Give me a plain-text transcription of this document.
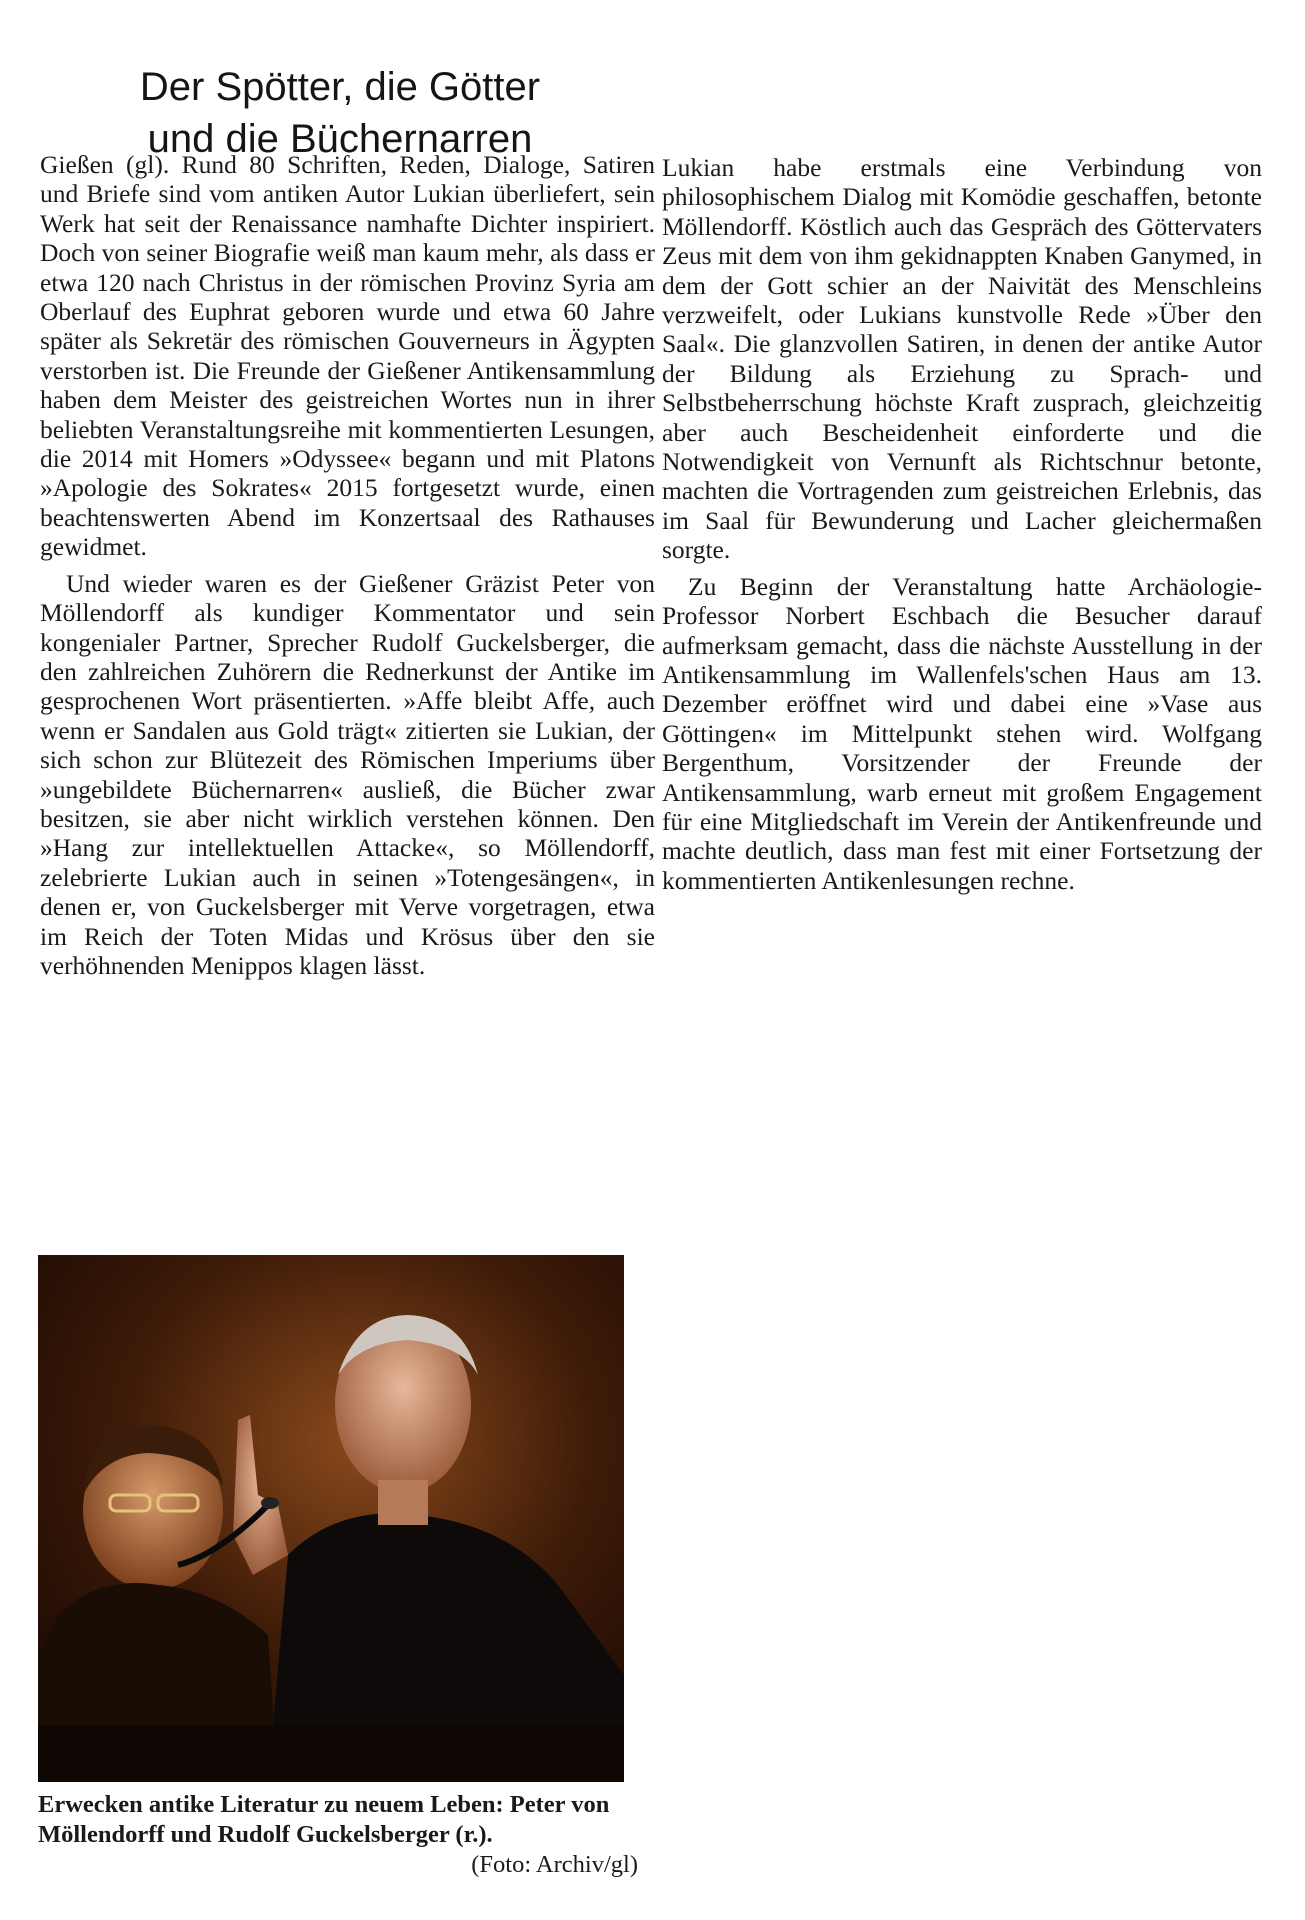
Der Spötter, die Götter
und die Büchernarren

Gießen (gl). Rund 80 Schriften, Reden, Dialoge, Satiren und Briefe sind vom antiken Autor Lukian überliefert, sein Werk hat seit der Renaissance namhafte Dichter inspiriert. Doch von seiner Biografie weiß man kaum mehr, als dass er etwa 120 nach Christus in der römischen Provinz Syria am Oberlauf des Euphrat geboren wurde und etwa 60 Jahre später als Sekretär des römischen Gouverneurs in Ägypten verstorben ist. Die Freunde der Gießener Antikensammlung haben dem Meister des geistreichen Wortes nun in ihrer beliebten Veranstaltungsreihe mit kommentierten Lesungen, die 2014 mit Homers »Odyssee« begann und mit Platons »Apologie des Sokrates« 2015 fortgesetzt wurde, einen beachtenswerten Abend im Konzertsaal des Rathauses gewidmet.

Und wieder waren es der Gießener Gräzist Peter von Möllendorff als kundiger Kommentator und sein kongenialer Partner, Sprecher Rudolf Guckelsberger, die den zahlreichen Zuhörern die Rednerkunst der Antike im gesprochenen Wort präsentierten. »Affe bleibt Affe, auch wenn er Sandalen aus Gold trägt« zitierten sie Lukian, der sich schon zur Blütezeit des Römischen Imperiums über »ungebildete Büchernarren« ausließ, die Bücher zwar besitzen, sie aber nicht wirklich verstehen können. Den »Hang zur intellektuellen Attacke«, so Möllendorff, zelebrierte Lukian auch in seinen »Totengesängen«, in denen er, von Guckelsberger mit Verve vorgetragen, etwa im Reich der Toten Midas und Krösus über den sie verhöhnenden Menippos klagen lässt.

Lukian habe erstmals eine Verbindung von philosophischem Dialog mit Komödie geschaffen, betonte Möllendorff. Köstlich auch das Gespräch des Göttervaters Zeus mit dem von ihm gekidnappten Knaben Ganymed, in dem der Gott schier an der Naivität des Menschleins verzweifelt, oder Lukians kunstvolle Rede »Über den Saal«. Die glanzvollen Satiren, in denen der antike Autor der Bildung als Erziehung zu Sprach- und Selbstbeherrschung höchste Kraft zusprach, gleichzeitig aber auch Bescheidenheit einforderte und die Notwendigkeit von Vernunft als Richtschnur betonte, machten die Vortragenden zum geistreichen Erlebnis, das im Saal für Bewunderung und Lacher gleichermaßen sorgte.

Zu Beginn der Veranstaltung hatte Archäologie-Professor Norbert Eschbach die Besucher darauf aufmerksam gemacht, dass die nächste Ausstellung in der Antikensammlung im Wallenfels'schen Haus am 13. Dezember eröffnet wird und dabei eine »Vase aus Göttingen« im Mittelpunkt stehen wird. Wolfgang Bergenthum, Vorsitzender der Freunde der Antikensammlung, warb erneut mit großem Engagement für eine Mitgliedschaft im Verein der Antikenfreunde und machte deutlich, dass man fest mit einer Fortsetzung der kommentierten Antikenlesungen rechne.

Erwecken antike Literatur zu neuem Leben: Peter von Möllendorff und Rudolf Guckelsberger (r.).
(Foto: Archiv/gl)
